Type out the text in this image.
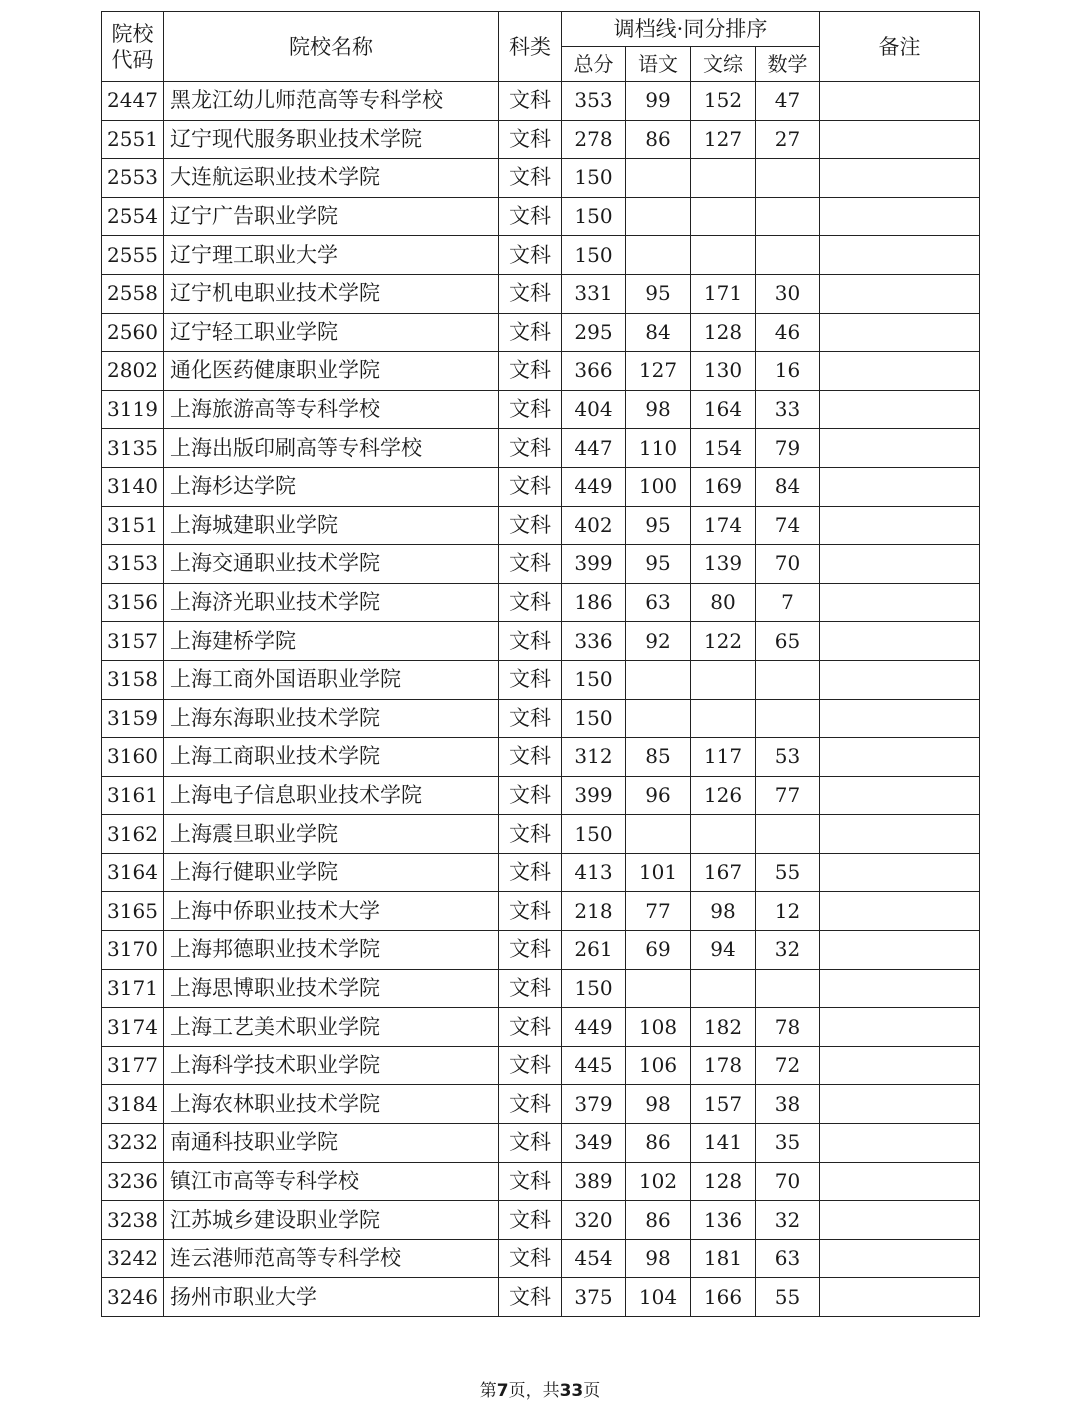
院校
代码	院校名称	科类	调档线·同分排序				备注
			总分	语文	文综	数学	
2447	黑龙江幼儿师范高等专科学校	文科	353	99	152	47	
2551	辽宁现代服务职业技术学院	文科	278	86	127	27	
2553	大连航运职业技术学院	文科	150				
2554	辽宁广告职业学院	文科	150				
2555	辽宁理工职业大学	文科	150				
2558	辽宁机电职业技术学院	文科	331	95	171	30	
2560	辽宁轻工职业学院	文科	295	84	128	46	
2802	通化医药健康职业学院	文科	366	127	130	16	
3119	上海旅游高等专科学校	文科	404	98	164	33	
3135	上海出版印刷高等专科学校	文科	447	110	154	79	
3140	上海杉达学院	文科	449	100	169	84	
3151	上海城建职业学院	文科	402	95	174	74	
3153	上海交通职业技术学院	文科	399	95	139	70	
3156	上海济光职业技术学院	文科	186	63	80	7	
3157	上海建桥学院	文科	336	92	122	65	
3158	上海工商外国语职业学院	文科	150				
3159	上海东海职业技术学院	文科	150				
3160	上海工商职业技术学院	文科	312	85	117	53	
3161	上海电子信息职业技术学院	文科	399	96	126	77	
3162	上海震旦职业学院	文科	150				
3164	上海行健职业学院	文科	413	101	167	55	
3165	上海中侨职业技术大学	文科	218	77	98	12	
3170	上海邦德职业技术学院	文科	261	69	94	32	
3171	上海思博职业技术学院	文科	150				
3174	上海工艺美术职业学院	文科	449	108	182	78	
3177	上海科学技术职业学院	文科	445	106	178	72	
3184	上海农林职业技术学院	文科	379	98	157	38	
3232	南通科技职业学院	文科	349	86	141	35	
3236	镇江市高等专科学校	文科	389	102	128	70	
3238	江苏城乡建设职业学院	文科	320	86	136	32	
3242	连云港师范高等专科学校	文科	454	98	181	63	
3246	扬州市职业大学	文科	375	104	166	55	
第7页，共33页
